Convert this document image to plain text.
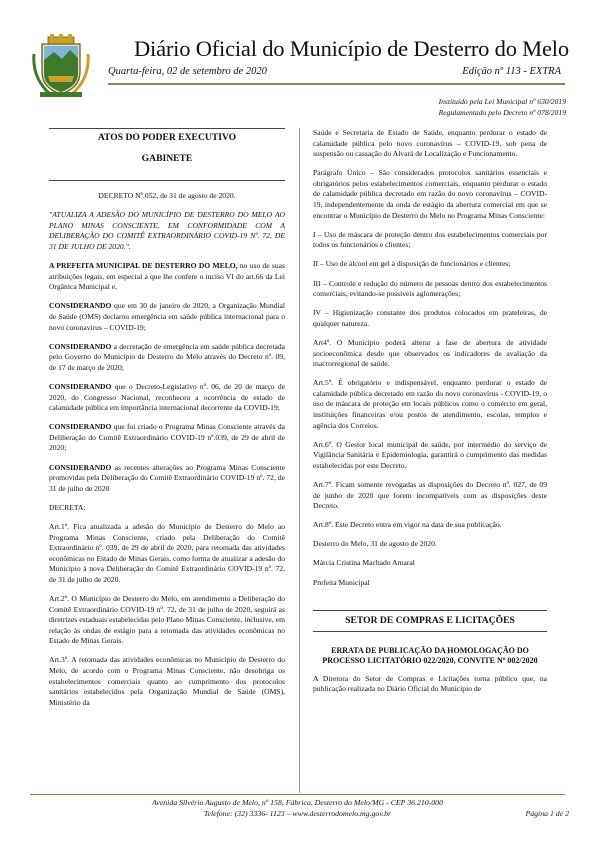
Diário Oficial do Município de Desterro do Melo
Quarta-feira, 02 de setembro de 2020	Edição nº 113 - EXTRA
Instituído pela Lei Municipal nº 630/2019
Regulamentado pelo Decreto nº 078/2019
ATOS DO PODER EXECUTIVO
GABINETE

DECRETO Nº.052, de 31 de agosto de 2020.

"ATUALIZA A ADESÃO DO MUNICÍPIO DE DESTERRO DO MELO AO PLANO MINAS CONSCIENTE, EM CONFORMIDADE COM A DELIBERAÇÃO DO COMITÊ EXTRAORDINÁRIO COVID-19 Nº. 72, DE 31 DE JULHO DE 2020.".

A PREFEITA MUNICIPAL DE DESTERRO DO MELO, no uso de suas atribuições legais, em especial a que lhe confere o inciso VI do art.66 da Lei Orgânica Municipal e,

CONSIDERANDO que em 30 de janeiro de 2020, a Organização Mundial de Saúde (OMS) declarou emergência em saúde pública internacional para o novo coronavírus – COVID-19;

CONSIDERANDO a decretação de emergência em saúde pública decretada pelo Governo do Município de Desterro do Melo através do Decreto nº. 09, de 17 de março de 2020;

CONSIDERANDO que o Decreto-Legislativo nº. 06, de 20 de março de 2020, do Congresso Nacional, reconheceu a ocorrência de estado de calamidade pública em importância internacional decorrente da COVID-19;

CONSIDERANDO que foi criado o Programa Minas Consciente através da Deliberação do Comitê Extraordinário COVID-19 nº.039, de 29 de abril de 2020;

CONSIDERANDO as recentes alterações ao Programa Minas Consciente promovidas pela Deliberação do Comitê Extraordinário COVID-19 nº. 72, de 31 de julho de 2020

DECRETA:

Art.1º. Fica atualizada a adesão do Município de Desterro do Melo ao Programa Minas Consciente, criado pela Deliberação do Comitê Extraordinário nº. 039, de 29 de abril de 2020, para retomada das atividades econômicas no Estado de Minas Gerais, como forma de atualizar a adesão do Município à nova Deliberação do Comitê Extraordinário COVID-19 nº. 72, de 31 de julho de 2020.

Art.2º. O Município de Desterro do Melo, em atendimento a Deliberação do Comitê Extraordinário COVID-19 nº. 72, de 31 de julho de 2020, seguirá as diretrizes estaduais estabelecidas pelo Plano Minas Consciente, inclusive, em relação às ondas de estágio para a retomada das atividades econômicas no Estado de Minas Gerais.

Art.3º. A retomada das atividades econômicas no Município de Desterro do Melo, de acordo com o Programa Minas Consciente, não desobriga os estabelecimentos comerciais quanto ao cumprimento dos protocolos sanitários estabelecidos pela Organização Mundial de Saúde (OMS), Ministério da

Saúde e Secretaria de Estado de Saúde, enquanto perdurar o estado de calamidade pública pelo novo coronavírus – COVID-19, sob pena de suspensão ou cassação do Alvará de Localização e Funcionamento.

Parágrafo Único – São considerados protocolos sanitários essenciais e obrigatórios pelos estabelecimentos comerciais, enquanto perdurar o estado de calamidade pública decretado em razão do novo coronavírus – COVID-19, independentemente da onda de estágio da abertura comercial em que se encontrar o Município de Desterro do Melo no Programa Minas Consciente:

I – Uso de máscara de proteção dentro dos estabelecimentos comerciais por todos os funcionários e clientes;

II – Uso de álcool em gel à disposição de funcionários e clientes;

III – Controle e redução do número de pessoas dentro dos estabelecimentos comerciais, evitando-se possíveis aglomerações;

IV – Higienização constante dos produtos colocados em prateleiras, de qualquer natureza.

Art4º. O Município poderá alterar a fase de abertura de atividade socioeconômica desde que observados os indicadores de avaliação da macrorregional de saúde.

Art.5º. É obrigatório e indispensável, enquanto perdurar o estado de calamidade pública decretado em razão do novo coronavírus - COVID-19, o uso de máscara de proteção em locais públicos como o comércio em geral, instituições financeiras e/ou postos de atendimento, escolas, templos e agência dos Correios.

Art.6º. O Gestor local municipal de saúde, por intermédio do serviço de Vigilância Sanitária e Epidemiologia, garantirá o cumprimento das medidas estabelecidas por este Decreto.

Art.7º. Ficam somente revogadas as disposições do Decreto nº. 027, de 09 de junho de 2020 que forem incompatíveis com as disposições deste Decreto.

Art.8º. Este Decreto entra em vigor na data de sua publicação.

Desterro do Melo, 31 de agosto de 2020.

Márcia Cristina Machado Amaral

Prefeita Municipal

SETOR DE COMPRAS E LICITAÇÕES
ERRATA DE PUBLICAÇÃO DA HOMOLOGAÇÃO DO PROCESSO LICITATÓRIO 022/2020, CONVITE Nº 002/2020

A Diretora do Setor de Compras e Licitações torna público que, na publicação realizada no Diário Oficial do Município de

Avenida Silvério Augusto de Melo, nº 158, Fábrica, Desterro do Melo/MG - CEP 36.210-000
Telefone: (32) 3336- 1123 – www.desterrodomelo.mg.gov.br	Página 1 de 2
